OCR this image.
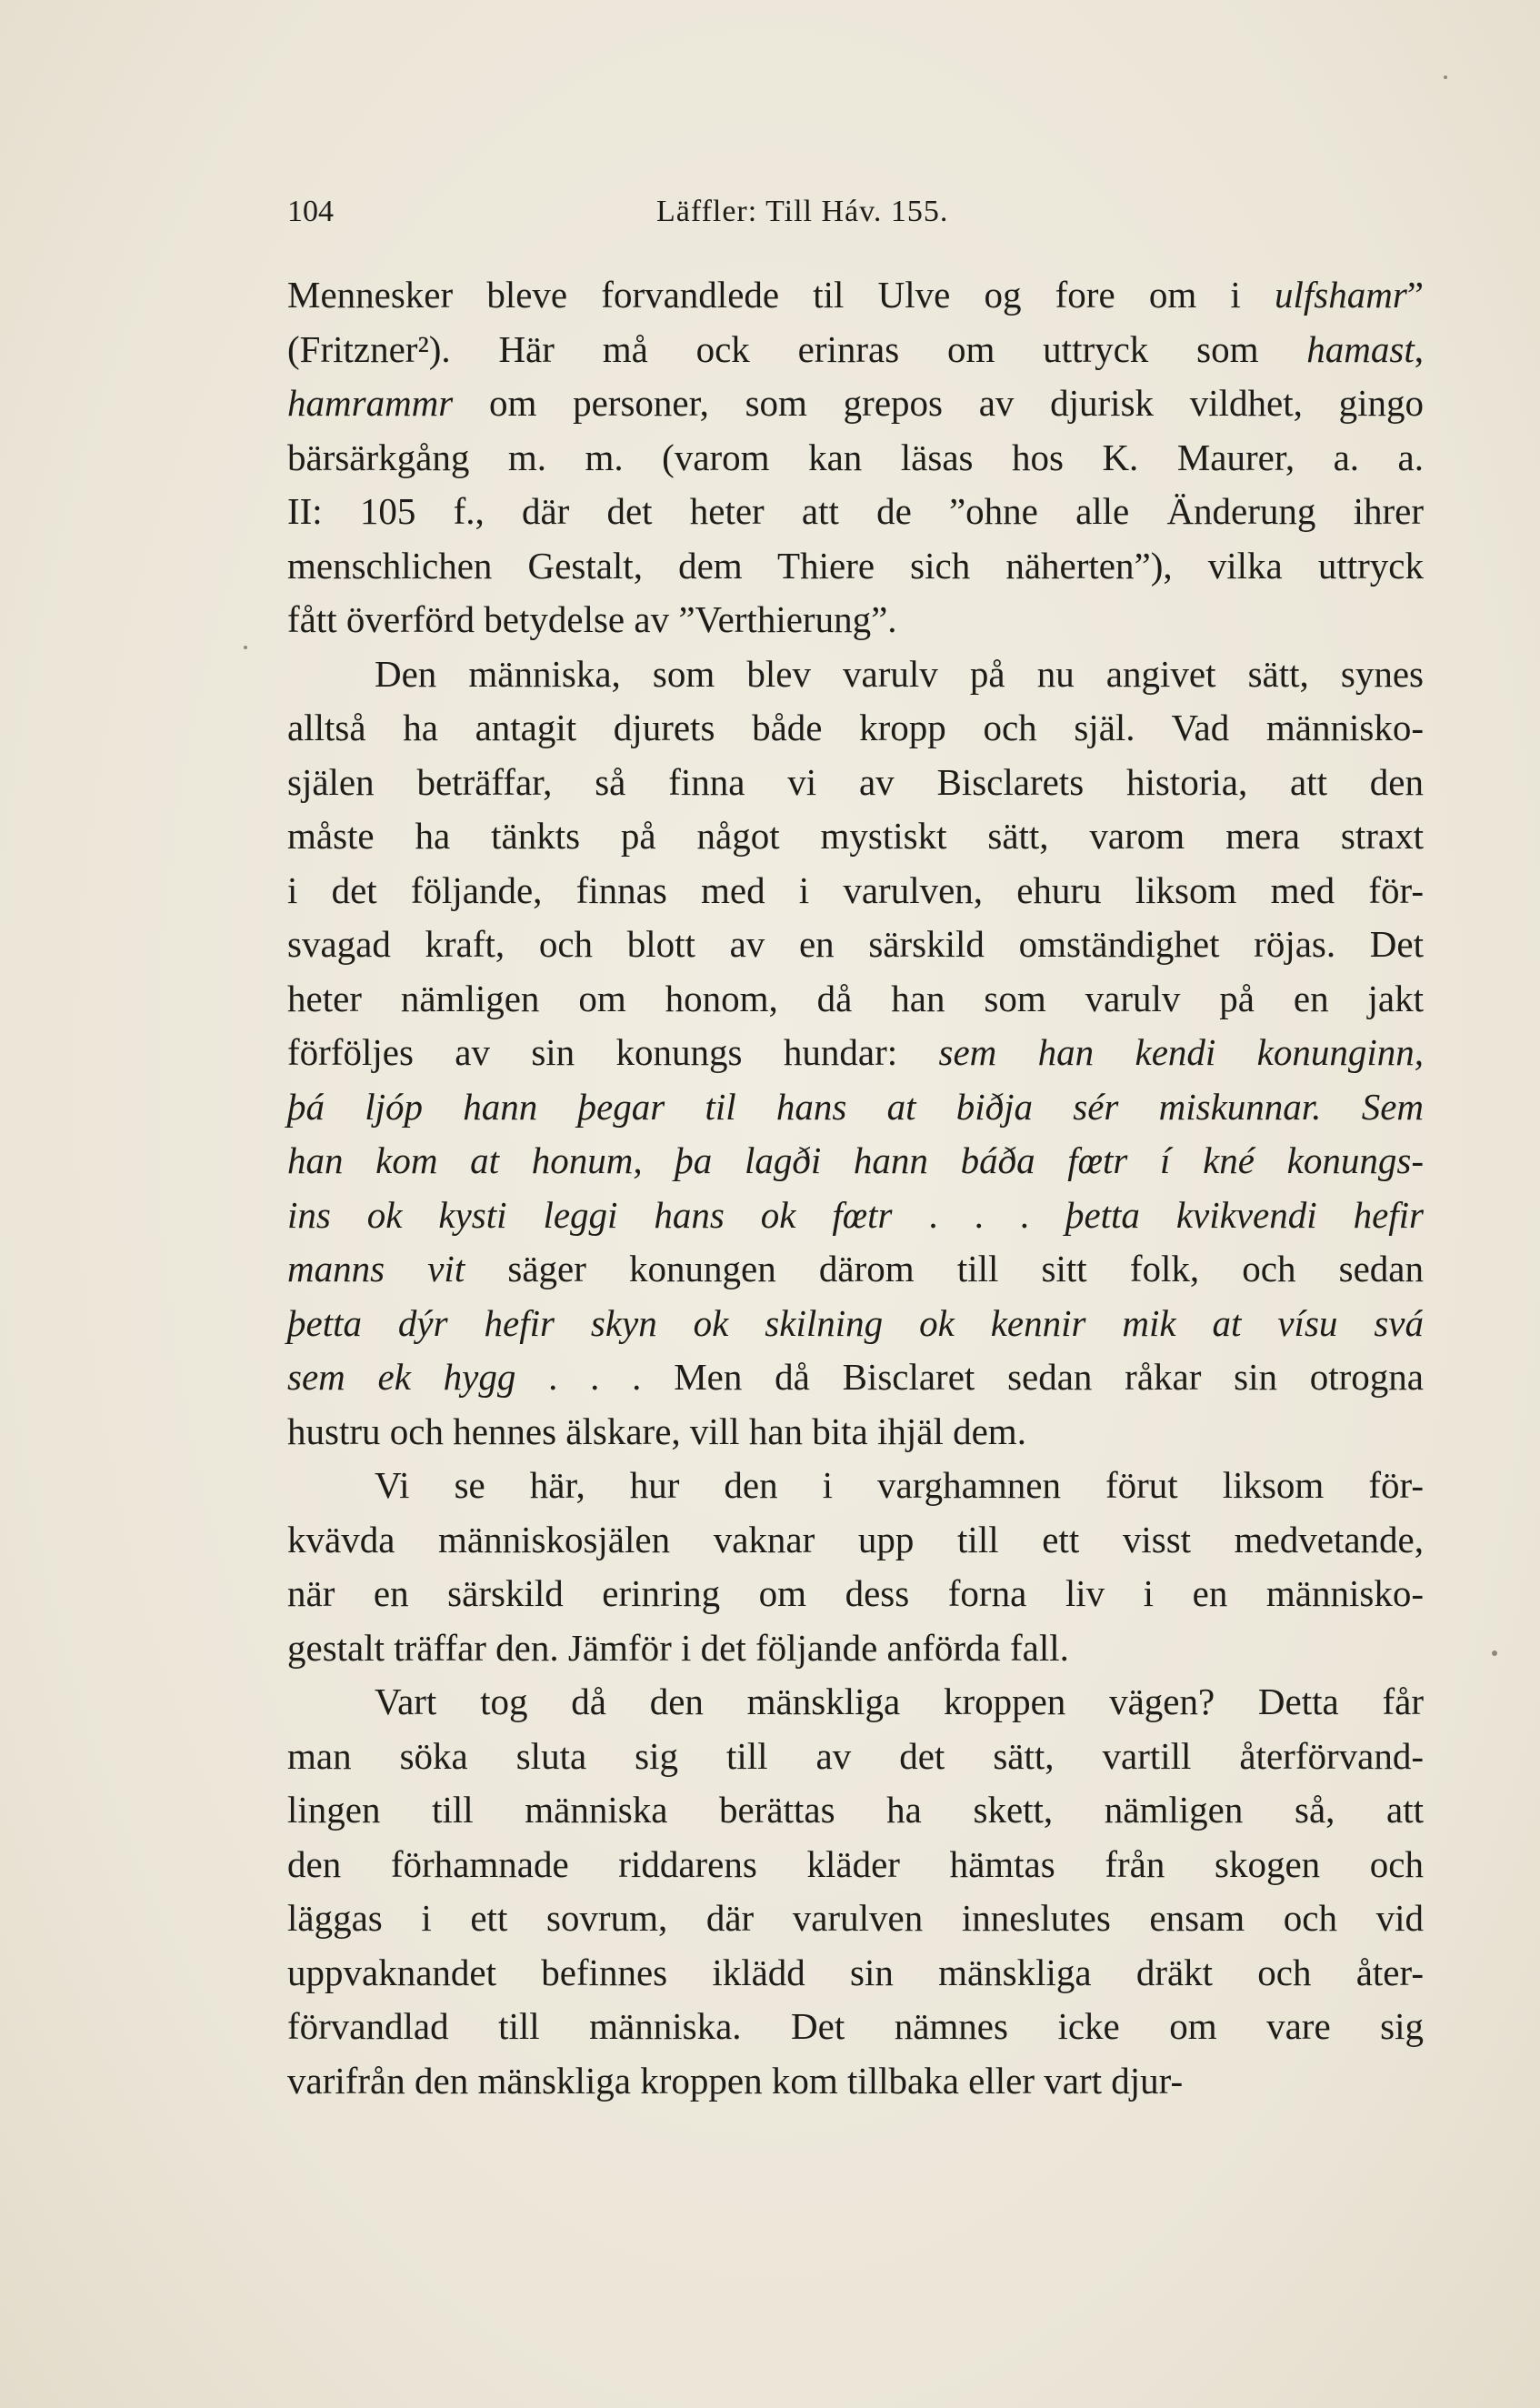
104	Läffler: Till Háv. 155.

Mennesker bleve forvandlede til Ulve og fore om i ulfshamr”
(Fritzner²). Här må ock erinras om uttryck som hamast,
hamrammr om personer, som grepos av djurisk vildhet, gingo
bärsärkgång m. m. (varom kan läsas hos K. Maurer, a. a.
II: 105 f., där det heter att de ”ohne alle Änderung ihrer
menschlichen Gestalt, dem Thiere sich näherten”), vilka uttryck
fått överförd betydelse av ”Verthierung”.

Den människa, som blev varulv på nu angivet sätt, synes
alltså ha antagit djurets både kropp och själ. Vad människo-
själen beträffar, så finna vi av Bisclarets historia, att den
måste ha tänkts på något mystiskt sätt, varom mera straxt
i det följande, finnas med i varulven, ehuru liksom med för-
svagad kraft, och blott av en särskild omständighet röjas. Det
heter nämligen om honom, då han som varulv på en jakt
förföljes av sin konungs hundar: sem han kendi konunginn,
þá ljóp hann þegar til hans at biðja sér miskunnar. Sem
han kom at honum, þa lagði hann báða fœtr í kné konungs-
ins ok kysti leggi hans ok fœtr . . . þetta kvikvendi hefir
manns vit säger konungen därom till sitt folk, och sedan
þetta dýr hefir skyn ok skilning ok kennir mik at vísu svá
sem ek hygg . . . Men då Bisclaret sedan råkar sin otrogna
hustru och hennes älskare, vill han bita ihjäl dem.

Vi se här, hur den i varghamnen förut liksom för-
kvävda människosjälen vaknar upp till ett visst medvetande,
när en särskild erinring om dess forna liv i en människo-
gestalt träffar den. Jämför i det följande anförda fall.

Vart tog då den mänskliga kroppen vägen? Detta får
man söka sluta sig till av det sätt, vartill återförvand-
lingen till människa berättas ha skett, nämligen så, att
den förhamnade riddarens kläder hämtas från skogen och
läggas i ett sovrum, där varulven inneslutes ensam och vid
uppvaknandet befinnes iklädd sin mänskliga dräkt och åter-
förvandlad till människa. Det nämnes icke om vare sig
varifrån den mänskliga kroppen kom tillbaka eller vart djur-
